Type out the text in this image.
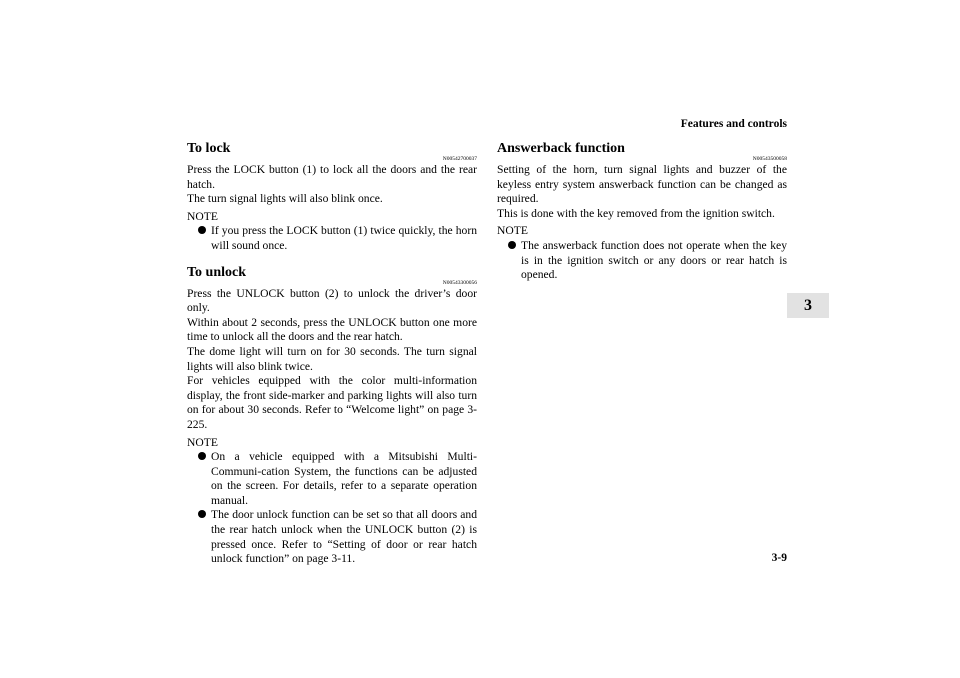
Features and controls
3
To lock
N00542700037

Press the LOCK button (1) to lock all the doors and the rear hatch.

The turn signal lights will also blink once.

NOTE

If you press the LOCK button (1) twice quickly, the horn will sound once.
To unlock
N00543300056

Press the UNLOCK button (2) to unlock the driver’s door only.

Within about 2 seconds, press the UNLOCK button one more time to unlock all the doors and the rear hatch.

The dome light will turn on for 30 seconds. The turn signal lights will also blink twice.

For vehicles equipped with the color multi-information display, the front side-marker and parking lights will also turn on for about 30 seconds. Refer to “Welcome light” on page 3-225.

NOTE

On a vehicle equipped with a Mitsubishi Multi-Communi-cation System, the functions can be adjusted on the screen. For details, refer to a separate operation manual.
The door unlock function can be set so that all doors and the rear hatch unlock when the UNLOCK button (2) is pressed once. Refer to “Setting of door or rear hatch unlock function” on page 3-11.
Answerback function
N00543500058

Setting of the horn, turn signal lights and buzzer of the keyless entry system answerback function can be changed as required.

This is done with the key removed from the ignition switch.

NOTE

The answerback function does not operate when the key is in the ignition switch or any doors or rear hatch is opened.
3-9
